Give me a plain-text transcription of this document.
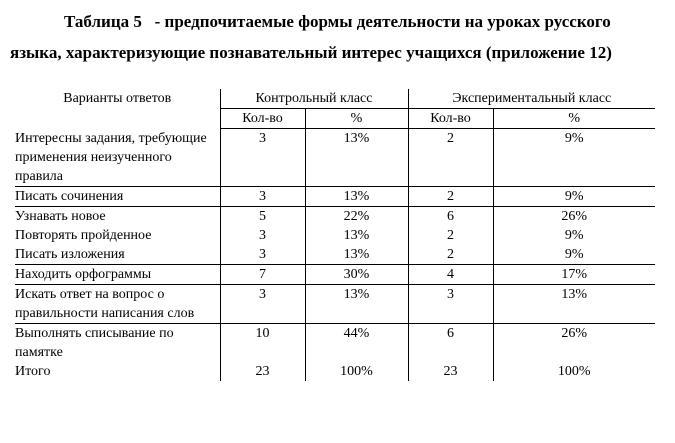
Таблица 5   - предпочитаемые формы деятельности на уроках русского
языка, характеризующие познавательный интерес учащихся (приложение 12)
Варианты ответов	Контрольный класс		Экспериментальный класс	
	Кол-во	%	Кол-во	%
Интересны задания, требующие применения неизученного правила	3	13%	2	9%
Писать сочинения	3	13%	2	9%
Узнавать новое	5	22%	6	26%
Повторять пройденное	3	13%	2	9%
Писать изложения	3	13%	2	9%
Находить орфограммы	7	30%	4	17%
Искать ответ на вопрос о правильности написания слов	3	13%	3	13%
Выполнять списывание по памятке	10	44%	6	26%
Итого	23	100%	23	100%
